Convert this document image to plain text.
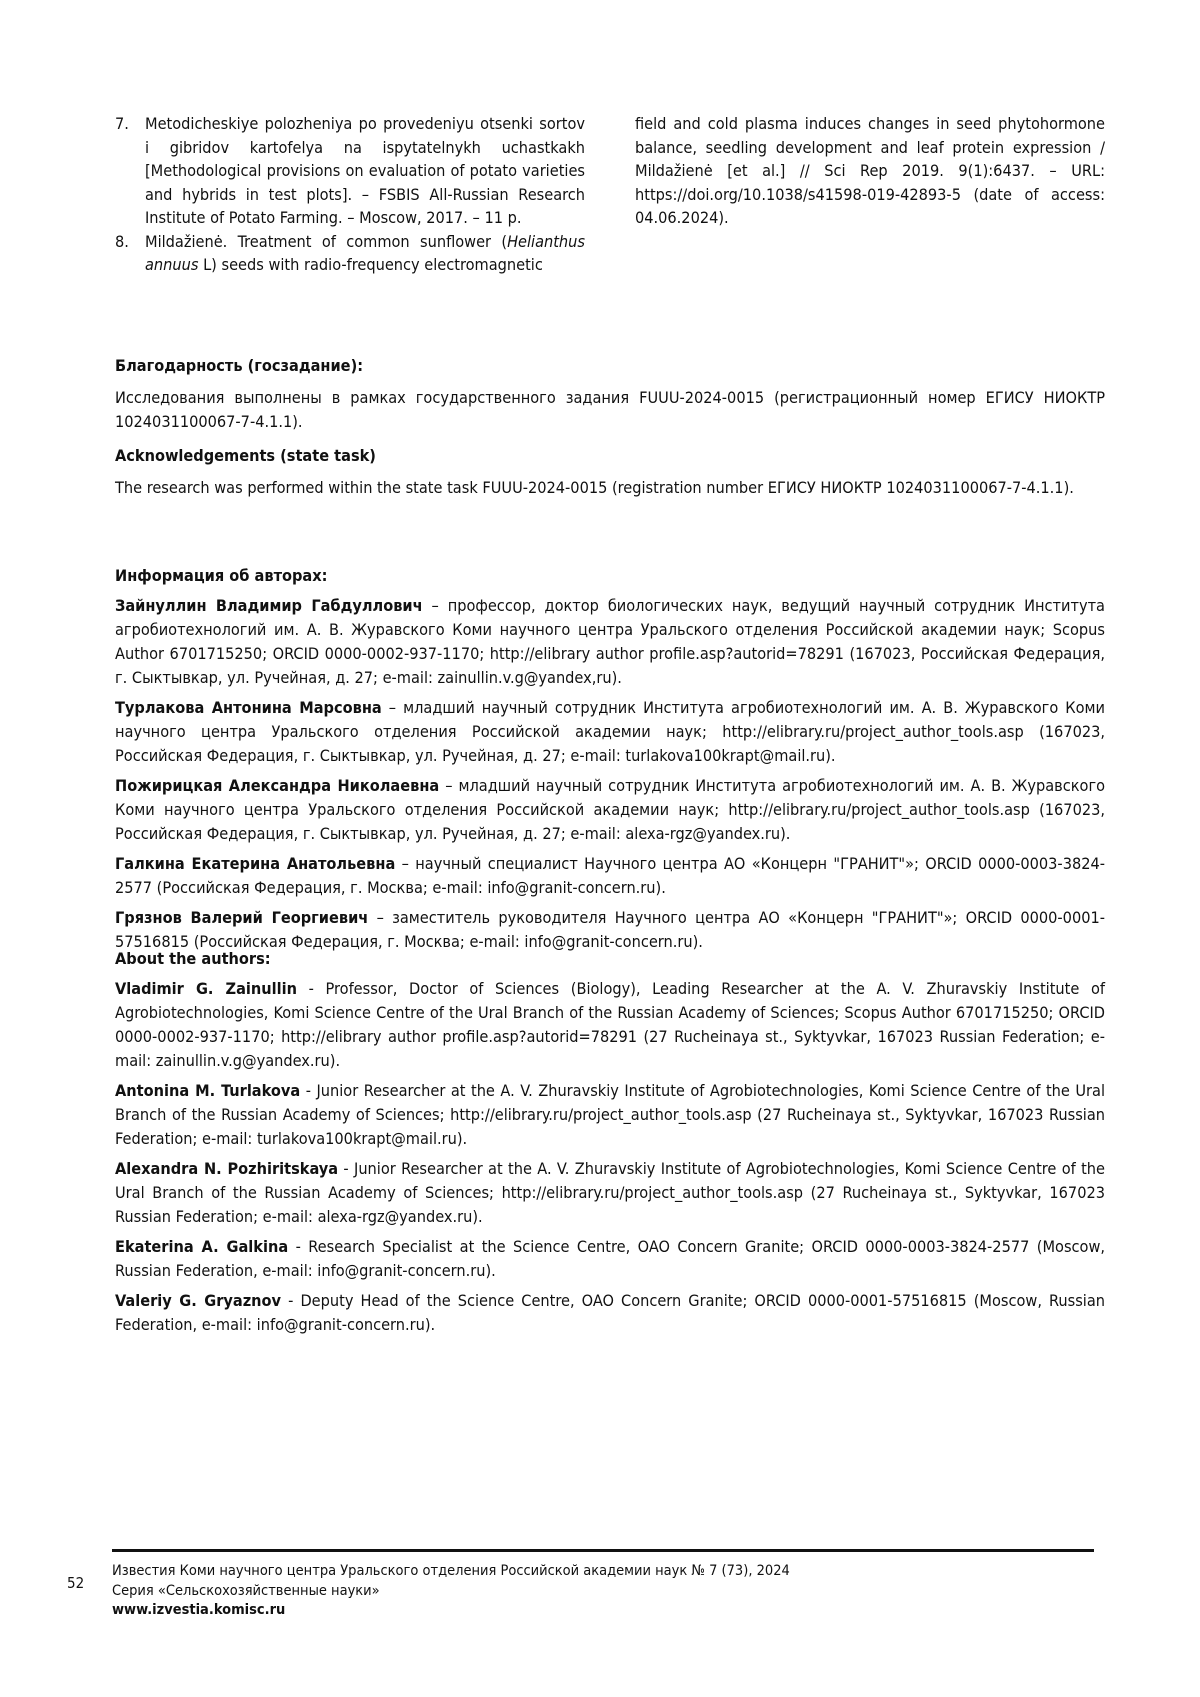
7. Metodicheskiye polozheniya po provedeniyu otsenki sortov i gibridov kartofelya na ispytatelnykh uchastkakh [Methodological provisions on evaluation of potato varieties and hybrids in test plots]. – FSBIS All-Russian Research Institute of Potato Farming. – Moscow, 2017. – 11 p.
8. Mildažienė. Treatment of common sunflower (Helianthus annuus L) seeds with radio-frequency electromagnetic
field and cold plasma induces changes in seed phytohormone balance, seedling development and leaf protein expression / Mildažienė [et al.] // Sci Rep 2019. 9(1):6437. – URL: https://doi.org/10.1038/s41598-019-42893-5 (date of access: 04.06.2024).
Благодарность (госзадание):

Исследования выполнены в рамках государственного задания FUUU-2024-0015 (регистрационный номер ЕГИСУ НИОКТР 1024031100067-7-4.1.1).

Acknowledgements (state task)

The research was performed within the state task FUUU-2024-0015 (registration number ЕГИСУ НИОКТР 1024031100067-7-4.1.1).

Информация об авторах:

Зайнуллин Владимир Габдуллович – профессор, доктор биологических наук, ведущий научный сотрудник Института агробиотехнологий им. А. В. Журавского Коми научного центра Уральского отделения Российской академии наук; Scopus Author 6701715250; ORCID 0000-0002-937-1170; http://elibrary author profile.asp?autorid=78291 (167023, Российская Федерация, г. Сыктывкар, ул. Ручейная, д. 27; e-mail: zainullin.v.g@yandex,ru).

Турлакова Антонина Марсовна – младший научный сотрудник Института агробиотехнологий им. А. В. Журавского Коми научного центра Уральского отделения Российской академии наук; http://elibrary.ru/project_author_tools.asp (167023, Российская Федерация, г. Сыктывкар, ул. Ручейная, д. 27; e-mail: turlakova100krapt@mail.ru).

Пожирицкая Александра Николаевна – младший научный сотрудник Института агробиотехнологий им. А. В. Журавского Коми научного центра Уральского отделения Российской академии наук; http://elibrary.ru/project_author_tools.asp (167023, Российская Федерация, г. Сыктывкар, ул. Ручейная, д. 27; e-mail: alexa-rgz@yandex.ru).

Галкина Екатерина Анатольевна – научный специалист Научного центра АО «Концерн "ГРАНИТ"»; ORCID 0000-0003-3824-2577 (Российская Федерация, г. Москва; e-mail: info@granit-concern.ru).

Грязнов Валерий Георгиевич – заместитель руководителя Научного центра АО «Концерн "ГРАНИТ"»; ORCID 0000-0001-57516815 (Российская Федерация, г. Москва; e-mail: info@granit-concern.ru).

About the authors:

Vladimir G. Zainullin - Professor, Doctor of Sciences (Biology), Leading Researcher at the A. V. Zhuravskiy Institute of Agrobiotechnologies, Komi Science Centre of the Ural Branch of the Russian Academy of Sciences; Scopus Author 6701715250; ORCID 0000-0002-937-1170; http://elibrary author profile.asp?autorid=78291 (27 Rucheinaya st., Syktyvkar, 167023 Russian Federation; e-mail: zainullin.v.g@yandex.ru).

Antonina M. Turlakova - Junior Researcher at the A. V. Zhuravskiy Institute of Agrobiotechnologies, Komi Science Centre of the Ural Branch of the Russian Academy of Sciences; http://elibrary.ru/project_author_tools.asp (27 Rucheinaya st., Syktyvkar, 167023 Russian Federation; e-mail: turlakova100krapt@mail.ru).

Alexandra N. Pozhiritskaya - Junior Researcher at the A. V. Zhuravskiy Institute of Agrobiotechnologies, Komi Science Centre of the Ural Branch of the Russian Academy of Sciences; http://elibrary.ru/project_author_tools.asp (27 Rucheinaya st., Syktyvkar, 167023 Russian Federation; e-mail: alexa-rgz@yandex.ru).

Ekaterina A. Galkina - Research Specialist at the Science Centre, OAO Concern Granite; ORCID 0000-0003-3824-2577 (Moscow, Russian Federation, e-mail: info@granit-concern.ru).

Valeriy G. Gryaznov - Deputy Head of the Science Centre, OAO Concern Granite; ORCID 0000-0001-57516815 (Moscow, Russian Federation, e-mail: info@granit-concern.ru).

52
Известия Коми научного центра Уральского отделения Российской академии наук № 7 (73), 2024
Серия «Сельскохозяйственные науки»
www.izvestia.komisc.ru
